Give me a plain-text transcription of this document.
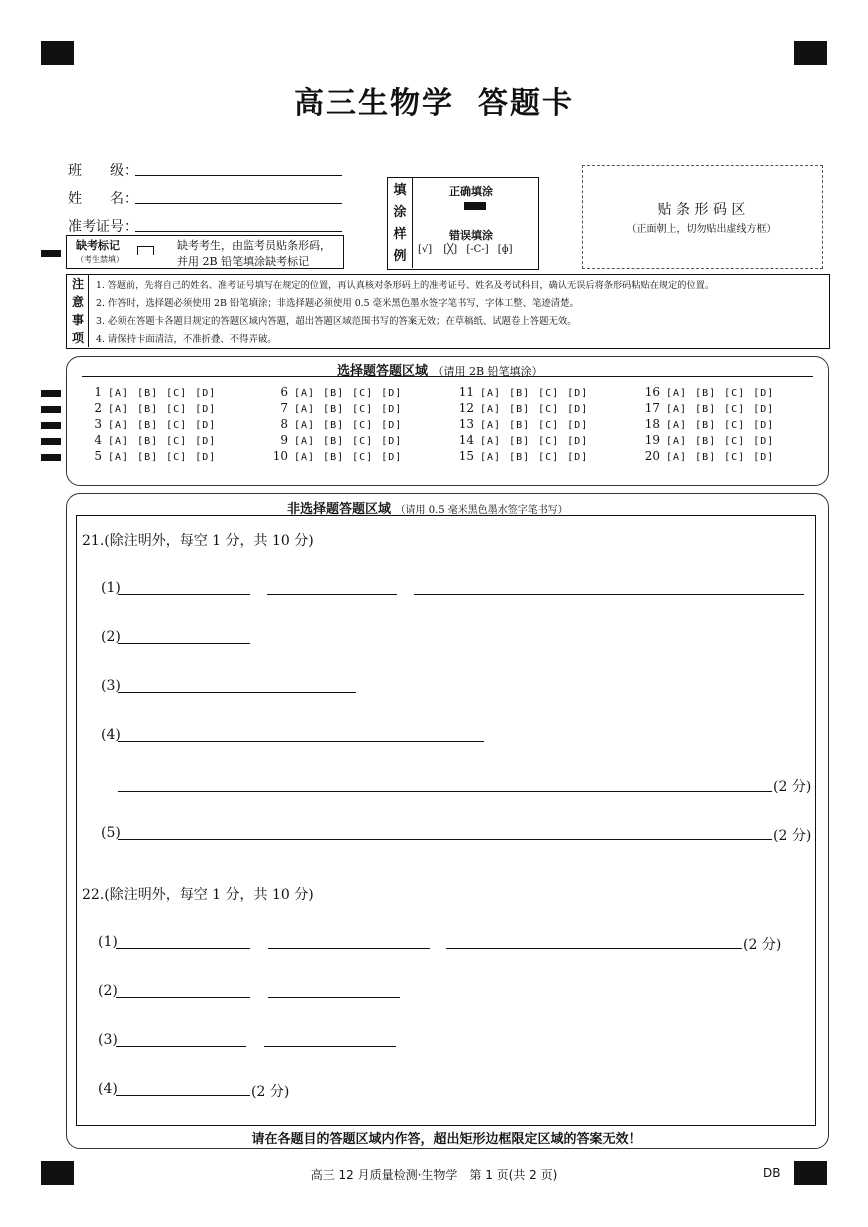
高三生物学 答题卡
班　　级：
姓　　名：
准考证号：
缺考标记
（考生禁填）
缺考考生，由监考员贴条形码，
并用 2B 铅笔填涂缺考标记
填
涂
样
例
正确填涂
错误填涂
[√] [╳] [-C-] [ɸ]
贴 条 形 码 区
（正面朝上，切勿贴出虚线方框）
注
意
事
项
1. 答题前，先将自己的姓名、准考证号填写在规定的位置，再认真核对条形码上的准考证号、姓名及考试科目，确认无误后将条形码粘贴在规定的位置。
2. 作答时，选择题必须使用 2B 铅笔填涂；非选择题必须使用 0.5 毫米黑色墨水签字笔书写，字体工整、笔迹清楚。
3. 必须在答题卡各题目规定的答题区域内答题，超出答题区域范围书写的答案无效；在草稿纸、试题卷上答题无效。
4. 请保持卡面清洁，不准折叠、不得弄破。
选择题答题区域 （请用 2B 铅笔填涂）
1 [A] [B] [C] [D]
2 [A] [B] [C] [D]
3 [A] [B] [C] [D]
4 [A] [B] [C] [D]
5 [A] [B] [C] [D]
6 [A] [B] [C] [D]
7 [A] [B] [C] [D]
8 [A] [B] [C] [D]
9 [A] [B] [C] [D]
10 [A] [B] [C] [D]
11 [A] [B] [C] [D]
12 [A] [B] [C] [D]
13 [A] [B] [C] [D]
14 [A] [B] [C] [D]
15 [A] [B] [C] [D]
16 [A] [B] [C] [D]
17 [A] [B] [C] [D]
18 [A] [B] [C] [D]
19 [A] [B] [C] [D]
20 [A] [B] [C] [D]
非选择题答题区域 （请用 0.5 毫米黑色墨水签字笔书写）
21.(除注明外，每空 1 分，共 10 分)
(1)
(2)
(3)
(4)
(2 分)
(5)	(2 分)
22.(除注明外，每空 1 分，共 10 分)
(1)	(2 分)
(2)
(3)
(4)	(2 分)
请在各题目的答题区域内作答，超出矩形边框限定区域的答案无效！
高三 12 月质量检测·生物学　第 1 页(共 2 页)	DB
